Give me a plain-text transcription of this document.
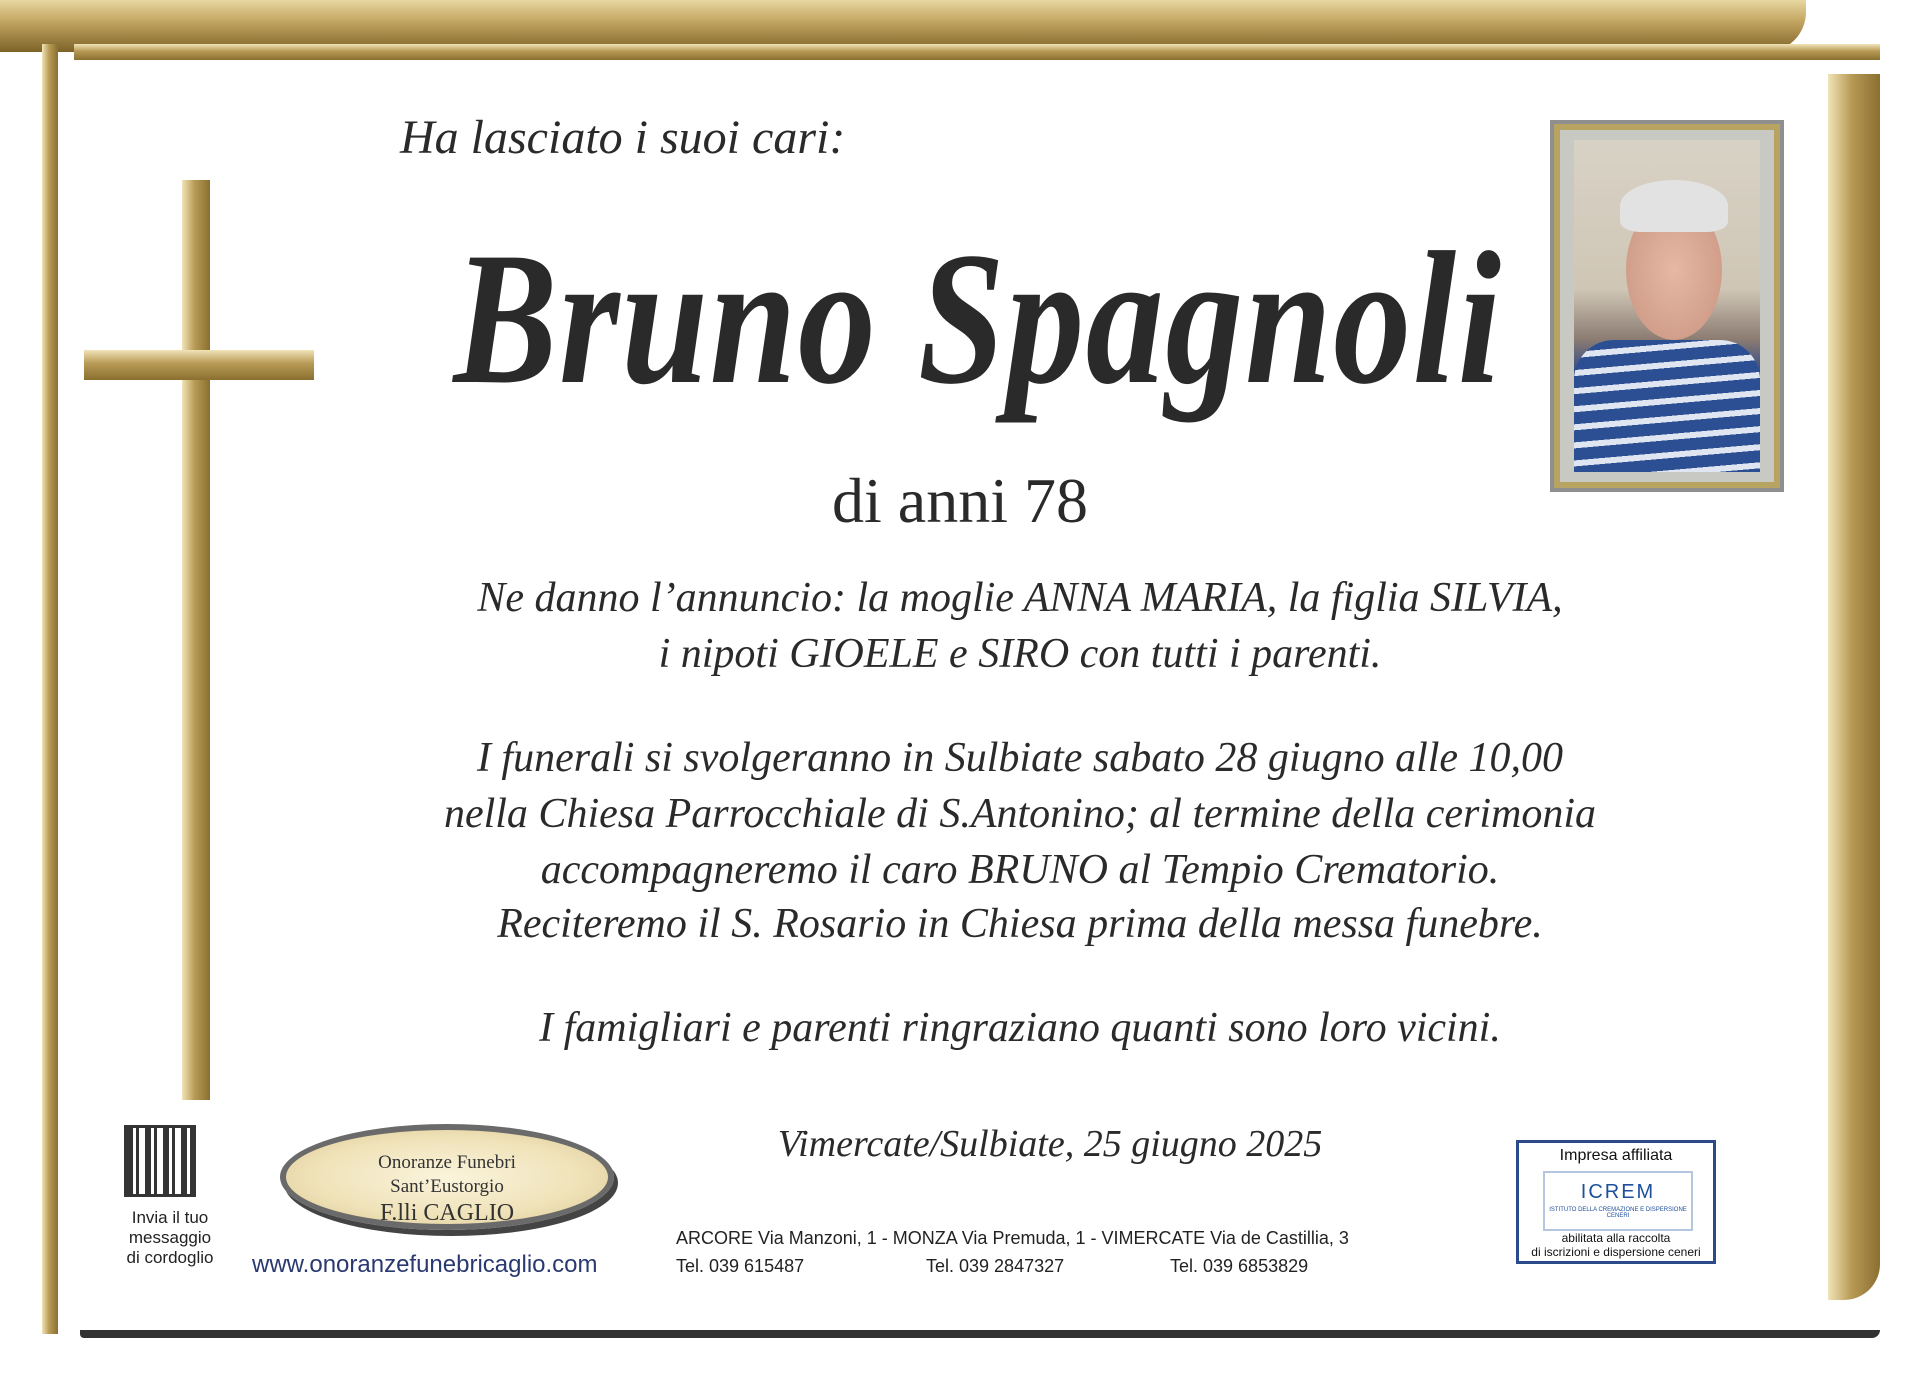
Ha lasciato i suoi cari:
Bruno Spagnoli
di anni 78
Ne danno l’annuncio: la moglie ANNA MARIA, la figlia SILVIA,
i nipoti GIOELE e SIRO con tutti i parenti.
I funerali si svolgeranno in Sulbiate sabato 28 giugno alle 10,00
nella Chiesa Parrocchiale di S.Antonino; al termine della cerimonia
accompagneremo il caro BRUNO al Tempio Crematorio.
Reciteremo il S. Rosario in Chiesa prima della messa funebre.
I famigliari e parenti ringraziano quanti sono loro vicini.
Vimercate/Sulbiate, 25 giugno 2025
Invia il tuo
messaggio
di cordoglio
Onoranze Funebri
Sant’Eustorgio
F.lli CAGLIO
www.onoranzefunebricaglio.com
ARCORE Via Manzoni, 1 - MONZA Via Premuda, 1 - VIMERCATE Via de Castillia, 3
Tel. 039 615487	Tel. 039 2847327	Tel. 039 6853829
Impresa affiliata
ICREM
ISTITUTO DELLA CREMAZIONE E DISPERSIONE CENERI
abilitata alla raccolta
di iscrizioni e dispersione ceneri
